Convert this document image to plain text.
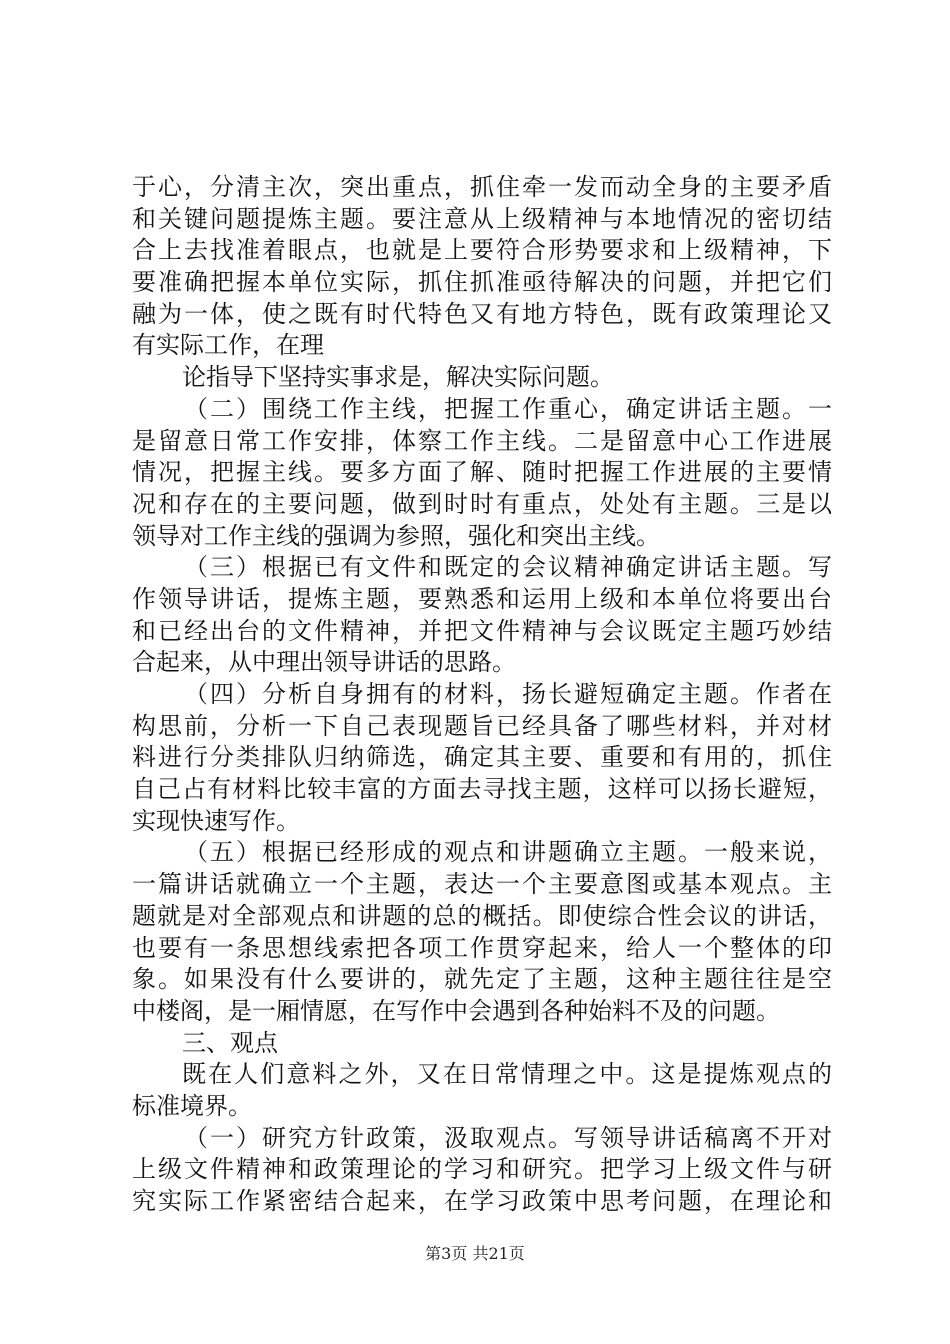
于心，分清主次，突出重点，抓住牵一发而动全身的主要矛盾
和关键问题提炼主题。要注意从上级精神与本地情况的密切结
合上去找准着眼点，也就是上要符合形势要求和上级精神，下
要准确把握本单位实际，抓住抓准亟待解决的问题，并把它们
融为一体，使之既有时代特色又有地方特色，既有政策理论又
有实际工作，在理
论指导下坚持实事求是，解决实际问题。
（二）围绕工作主线，把握工作重心，确定讲话主题。一
是留意日常工作安排，体察工作主线。二是留意中心工作进展
情况，把握主线。要多方面了解、随时把握工作进展的主要情
况和存在的主要问题，做到时时有重点，处处有主题。三是以
领导对工作主线的强调为参照，强化和突出主线。
（三）根据已有文件和既定的会议精神确定讲话主题。写
作领导讲话，提炼主题，要熟悉和运用上级和本单位将要出台
和已经出台的文件精神，并把文件精神与会议既定主题巧妙结
合起来，从中理出领导讲话的思路。
（四）分析自身拥有的材料，扬长避短确定主题。作者在
构思前，分析一下自己表现题旨已经具备了哪些材料，并对材
料进行分类排队归纳筛选，确定其主要、重要和有用的，抓住
自己占有材料比较丰富的方面去寻找主题，这样可以扬长避短，
实现快速写作。
（五）根据已经形成的观点和讲题确立主题。一般来说，
一篇讲话就确立一个主题，表达一个主要意图或基本观点。主
题就是对全部观点和讲题的总的概括。即使综合性会议的讲话，
也要有一条思想线索把各项工作贯穿起来，给人一个整体的印
象。如果没有什么要讲的，就先定了主题，这种主题往往是空
中楼阁，是一厢情愿，在写作中会遇到各种始料不及的问题。
三、观点
既在人们意料之外，又在日常情理之中。这是提炼观点的
标准境界。
（一）研究方针政策，汲取观点。写领导讲话稿离不开对
上级文件精神和政策理论的学习和研究。把学习上级文件与研
究实际工作紧密结合起来，在学习政策中思考问题，在理论和
第3页 共21页
